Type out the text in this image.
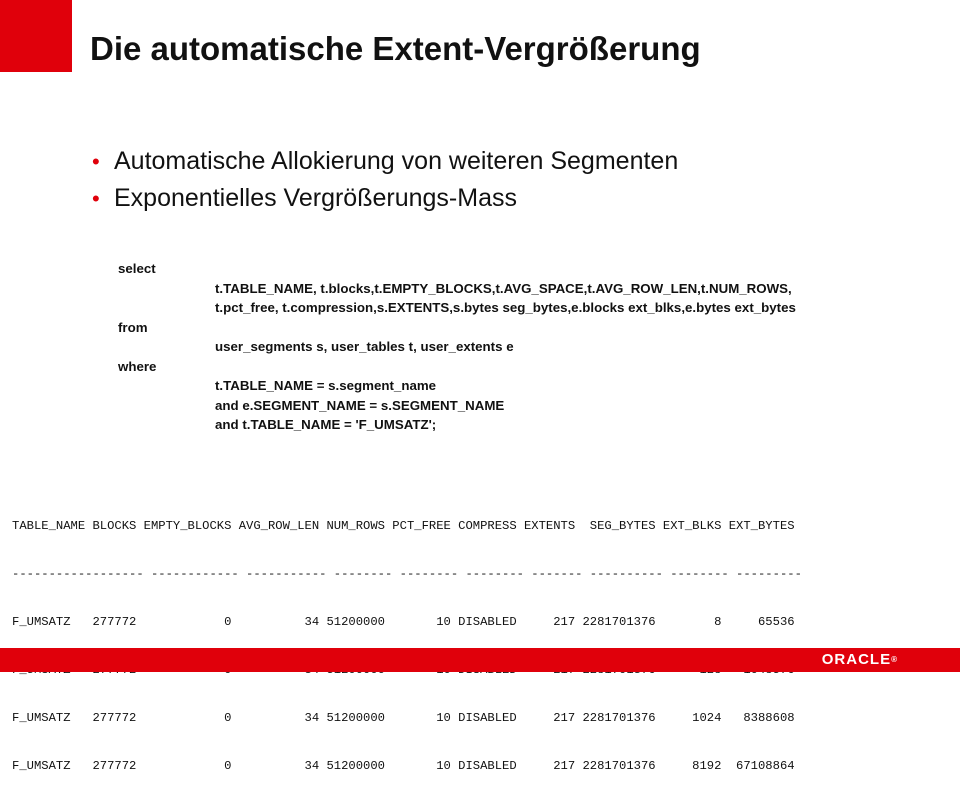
Die automatische Extent-Vergrößerung
• Automatische Allokierung von weiteren Segmenten
• Exponentielles Vergrößerungs-Mass
select
t.TABLE_NAME, t.blocks,t.EMPTY_BLOCKS,t.AVG_SPACE,t.AVG_ROW_LEN,t.NUM_ROWS,
t.pct_free, t.compression,s.EXTENTS,s.bytes seg_bytes,e.blocks ext_blks,e.bytes ext_bytes
from
user_segments s, user_tables t, user_extents e
where
t.TABLE_NAME = s.segment_name
and e.SEGMENT_NAME = s.SEGMENT_NAME
and t.TABLE_NAME = 'F_UMSATZ';

TABLE_NAME BLOCKS EMPTY_BLOCKS AVG_ROW_LEN NUM_ROWS PCT_FREE COMPRESS EXTENTS  SEG_BYTES EXT_BLKS EXT_BYTES

------------------ ------------ ----------- -------- -------- -------- ------- ---------- -------- ---------

F_UMSATZ   277772            0          34 51200000       10 DISABLED     217 2281701376        8     65536

F_UMSATZ   277772            0          34 51200000       10 DISABLED     217 2281701376     1024   8388608

F_UMSATZ   277772            0          34 51200000       10 DISABLED     217 2281701376     8192  67108864

ORACLE®
